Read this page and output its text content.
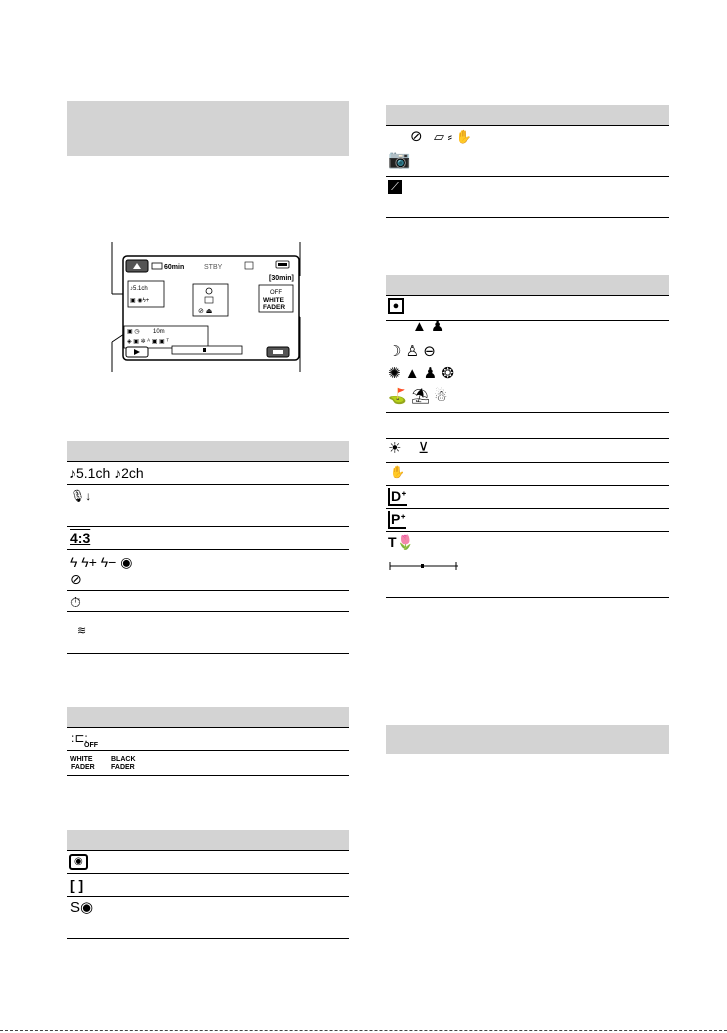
60min	STBY
[30min]
♪5.1ch
▣ ◉ϟ+
⊘ ⏏
OFF
WHITE
FADER
10m
▣ ◷
◈ ▣ ✲ ᴬ ▣ ▣ ᵀ
♪5.1ch ♪2ch
🎙↓
4:3
ϟ ϟ+ ϟ− ◉
⊘
⏱
≋
:⊏:
OFF
WHITE
FADER
BLACK
FADER
◉
[ ]
S◉
⊘ ▱ ⸗ ✋
📷
⟋
●
▲ ♟
☽ ♙ ⊖
✺ ▲ ♟ ❂
⛳ ⛱ ☃
☀    ⊻
✋
Dᐩ
Pᐩ
T🌷
